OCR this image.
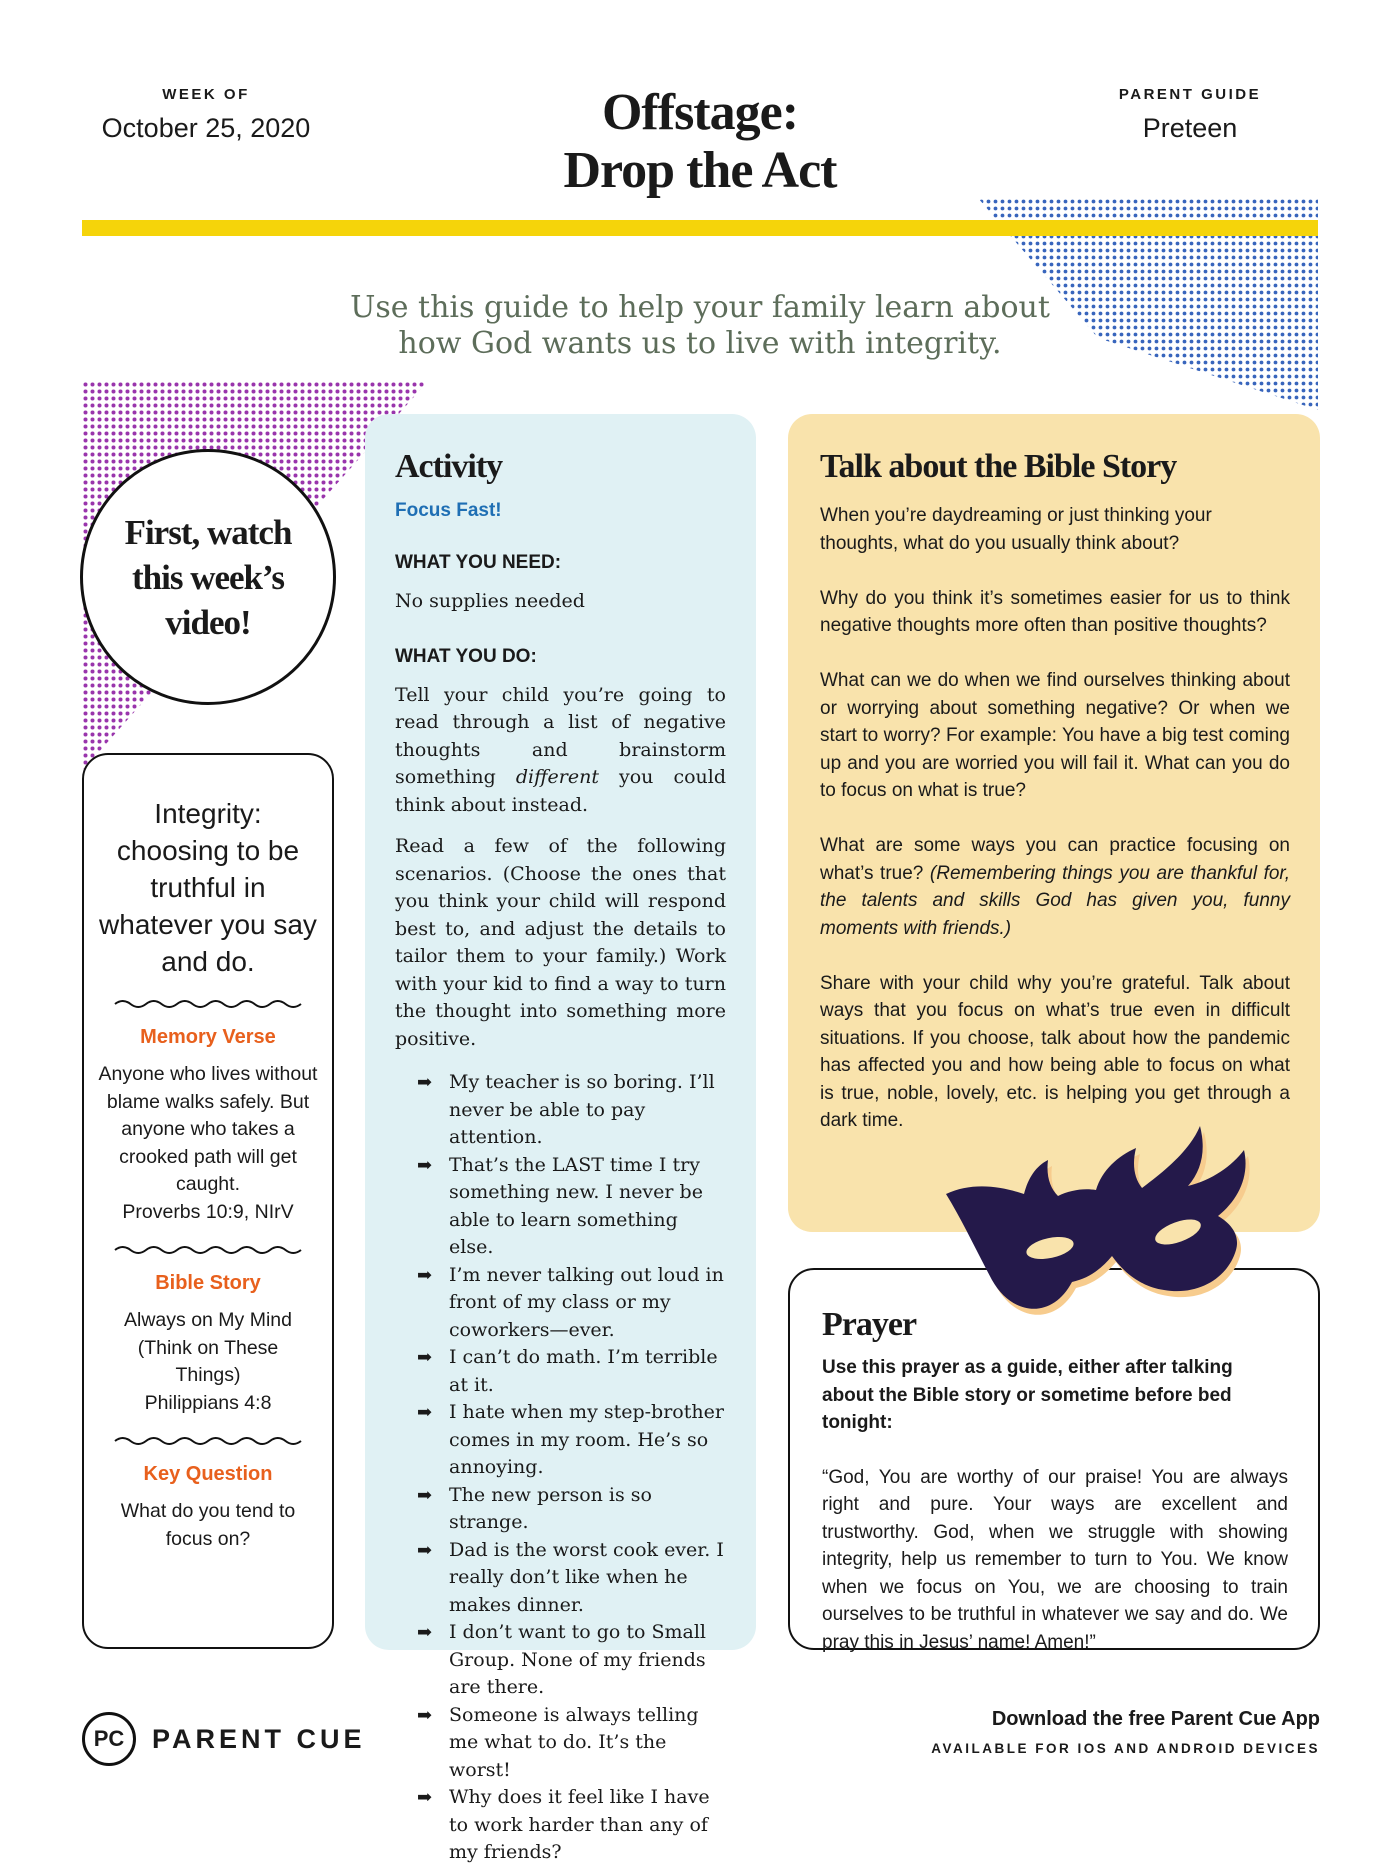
WEEK OF
October 25, 2020	Offstage:
Drop the Act
PARENT GUIDE
Preteen
Use this guide to help your family learn about how God wants us to live with integrity.
First, watch this week’s video!
Integrity: choosing to be truthful in whatever you say and do.
Memory Verse
Anyone who lives without blame walks safely. But anyone who takes a crooked path will get caught.
Proverbs 10:9, NIrV
Bible Story
Always on My Mind (Think on These Things)
Philippians 4:8
Key Question
What do you tend to focus on?
Activity
Focus Fast!
WHAT YOU NEED:
No supplies needed
WHAT YOU DO:

Tell your child you’re going to read through a list of negative thoughts and brainstorm something different you could think about instead.

Read a few of the following scenarios. (Choose the ones that you think your child will respond best to, and adjust the details to tailor them to your family.) Work with your kid to find a way to turn the thought into something more positive.

➡ My teacher is so boring. I’ll never be able to pay attention.
➡ That’s the LAST time I try something new. I never be able to learn something else.
➡ I’m never talking out loud in front of my class or my coworkers—ever.
➡ I can’t do math. I’m terrible at it.
➡ I hate when my step-brother comes in my room. He’s so annoying.
➡ The new person is so strange.
➡ Dad is the worst cook ever. I really don’t like when he makes dinner.
➡ I don’t want to go to Small Group. None of my friends are there.
➡ Someone is always telling me what to do. It’s the worst!
➡ Why does it feel like I have to work harder than any of my friends?
Talk about the Bible Story

When you’re daydreaming or just thinking your thoughts, what do you usually think about?

Why do you think it’s sometimes easier for us to think negative thoughts more often than positive thoughts?

What can we do when we find ourselves thinking about or worrying about something negative? Or when we start to worry? For example: You have a big test coming up and you are worried you will fail it. What can you do to focus on what is true?

What are some ways you can practice focusing on what’s true? (Remembering things you are thankful for, the talents and skills God has given you, funny moments with friends.)

Share with your child why you’re grateful. Talk about ways that you focus on what’s true even in difficult situations. If you choose, talk about how the pandemic has affected you and how being able to focus on what is true, noble, lovely, etc. is helping you get through a dark time.

Prayer
Use this prayer as a guide, either after talking about the Bible story or sometime before bed tonight:
“God, You are worthy of our praise! You are always right and pure. Your ways are excellent and trustworthy. God, when we struggle with showing integrity, help us remember to turn to You. We know when we focus on You, we are choosing to train ourselves to be truthful in whatever we say and do. We pray this in Jesus’ name! Amen!”
PC	PARENT CUE
Download the free Parent Cue App
AVAILABLE FOR IOS AND ANDROID DEVICES
